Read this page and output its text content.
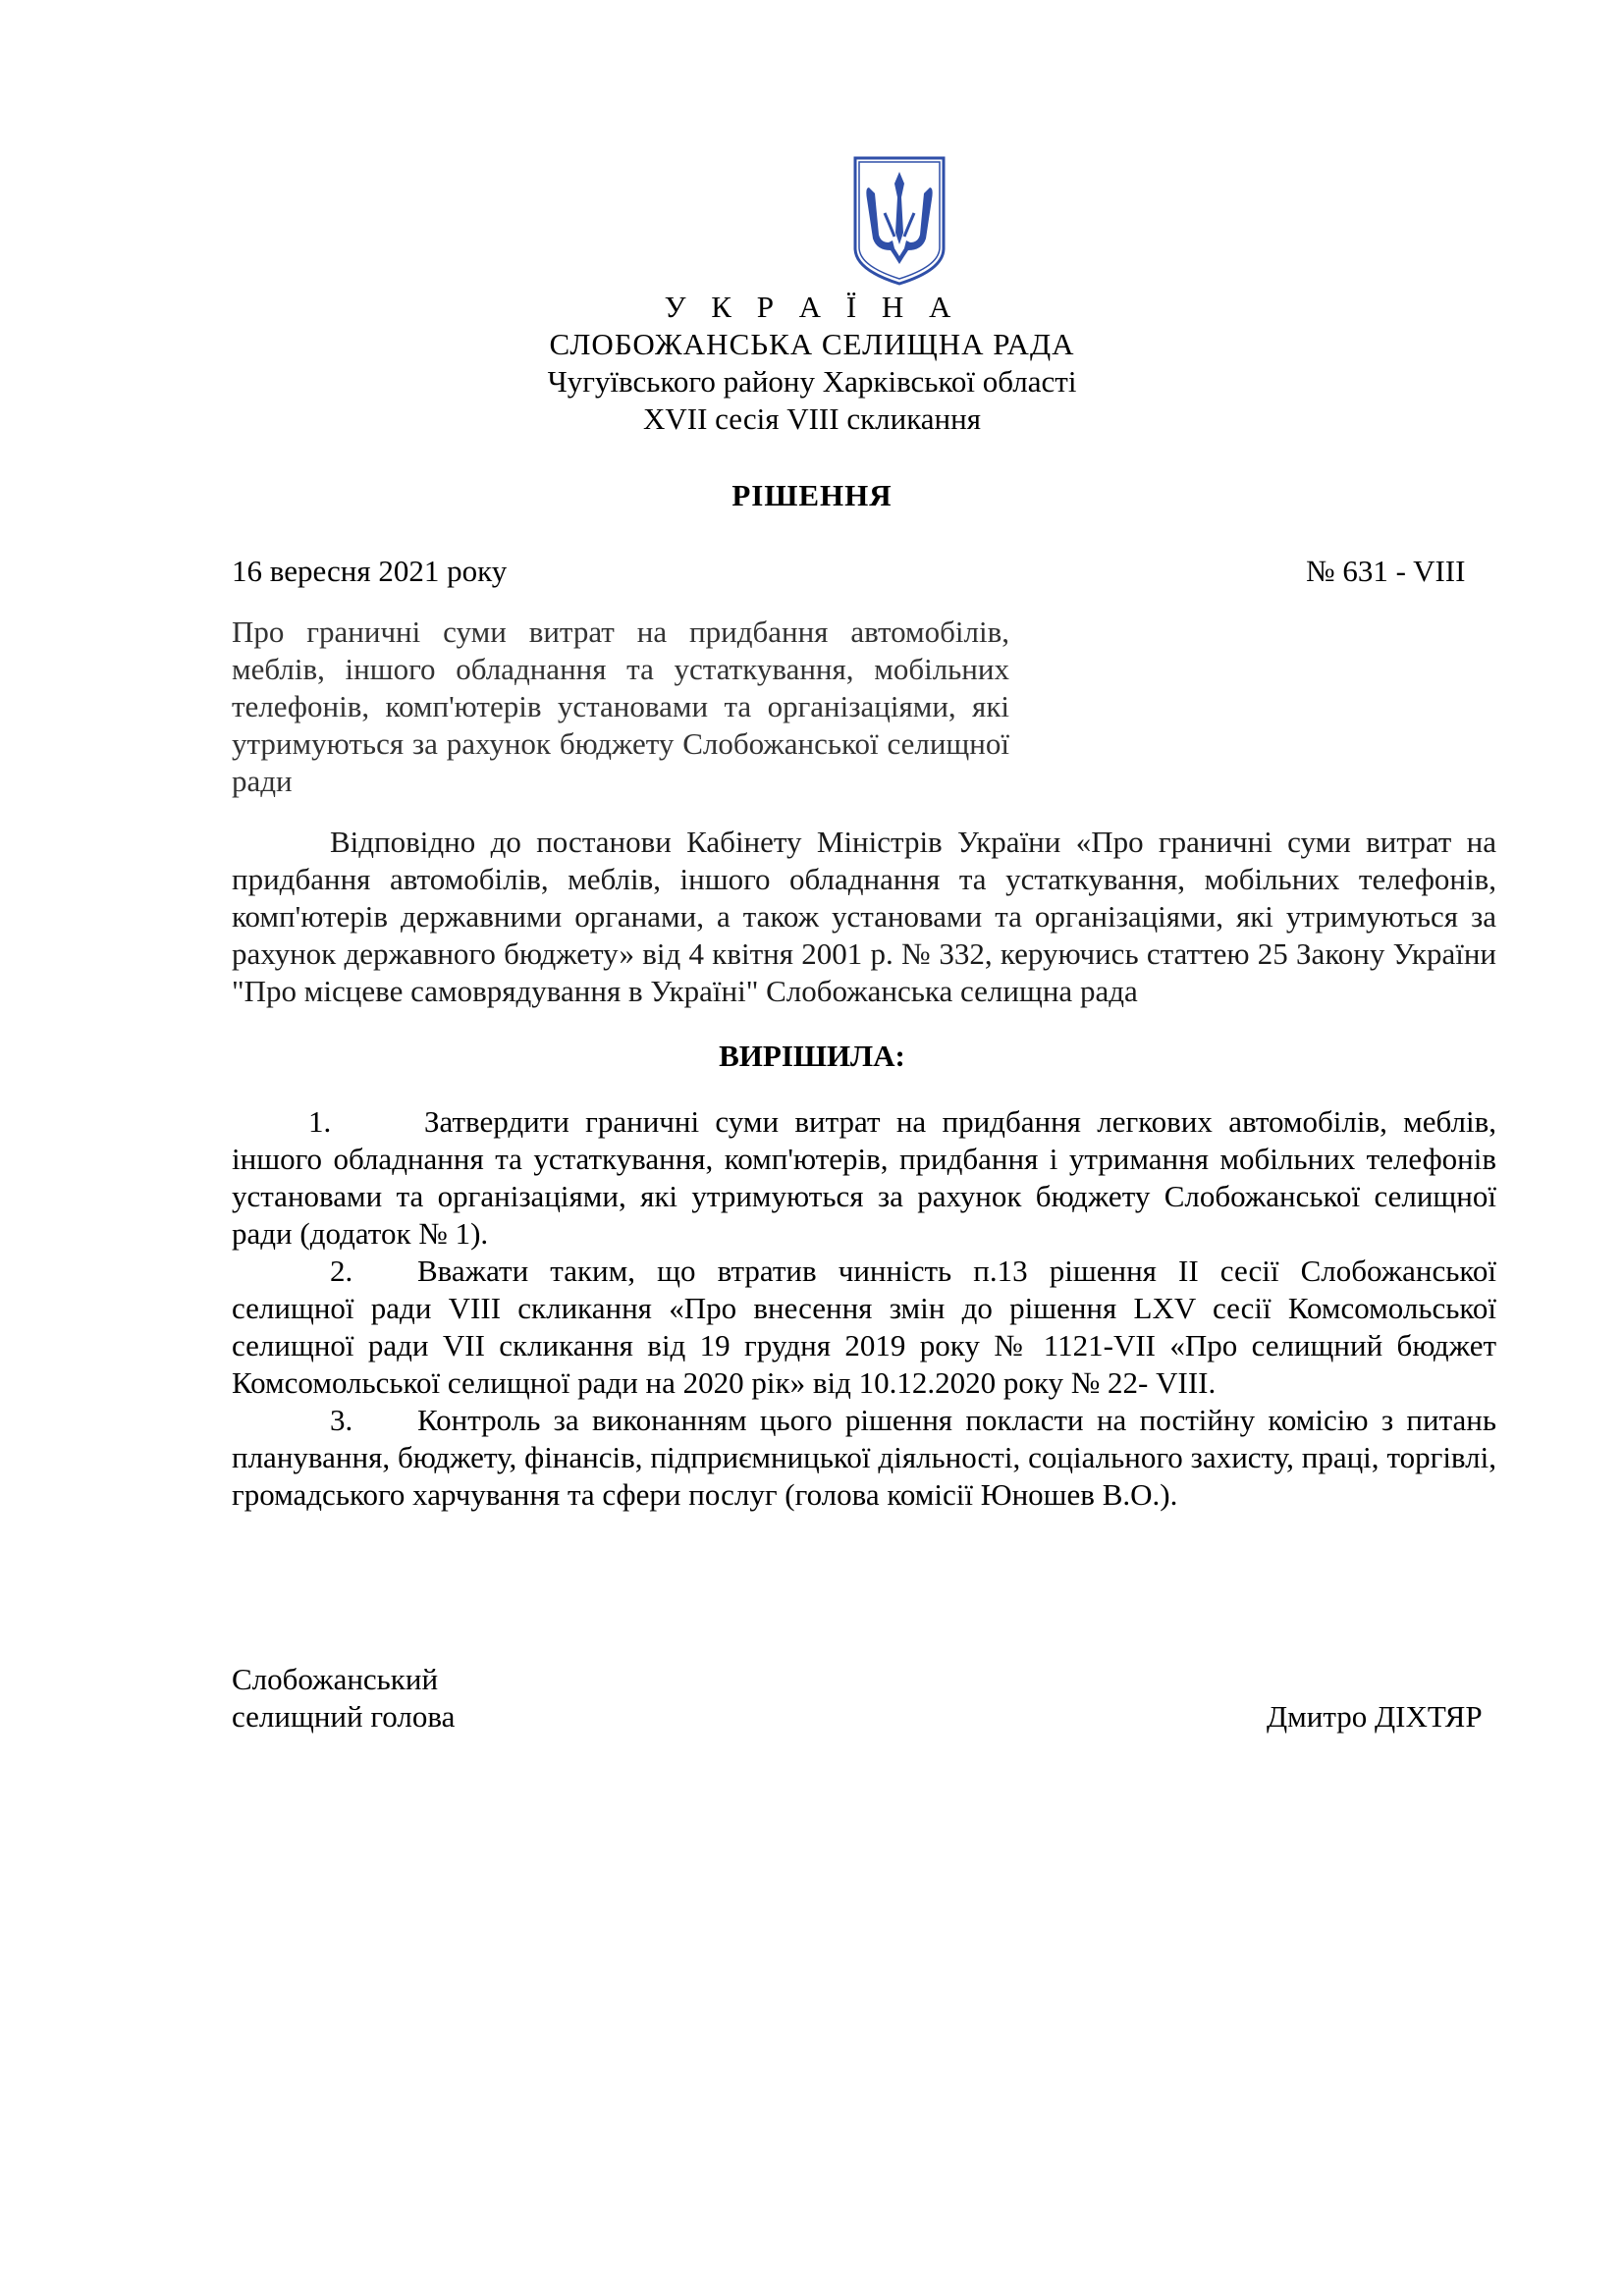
У К Р А Ї Н А
СЛОБОЖАНСЬКА СЕЛИЩНА РАДА
Чугуївського району Харківської області
XVII сесія VIII скликання
РІШЕННЯ
16 вересня 2021 року	№ 631 - VIII
Про граничні суми витрат на придбання автомобілів, меблів, іншого обладнання та устаткування, мобільних телефонів, комп'ютерів установами та організаціями, які утримуються за рахунок бюджету Слобожанської селищної ради
Відповідно до постанови Кабінету Міністрів України «Про граничні суми витрат на придбання автомобілів, меблів, іншого обладнання та устаткування, мобільних телефонів, комп'ютерів державними органами, а також установами та організаціями, які утримуються за рахунок державного бюджету» від 4 квітня 2001 р. № 332, керуючись статтею 25 Закону України "Про місцеве самоврядування в Україні" Слобожанська селищна рада
ВИРІШИЛА:
1.	Затвердити граничні суми витрат на придбання легкових автомобілів, меблів, іншого обладнання та устаткування, комп'ютерів, придбання і утримання мобільних телефонів установами та організаціями, які утримуються за рахунок бюджету Слобожанської селищної ради (додаток № 1).
2. Вважати таким, що втратив чинність п.13 рішення ІІ сесії Слобожанської селищної ради VIII скликання «Про внесення змін до рішення LXV сесії Комсомольської селищної ради VII скликання від 19 грудня 2019 року № 1121-VII «Про селищний бюджет Комсомольської селищної ради на 2020 рік» від 10.12.2020 року № 22- VIII.
3. Контроль за виконанням цього рішення покласти на постійну комісію з питань планування, бюджету, фінансів, підприємницької діяльності, соціального захисту, праці, торгівлі, громадського харчування та сфери послуг (голова комісії Юношев В.О.).
Слобожанський
селищний голова	Дмитро ДІХТЯР
